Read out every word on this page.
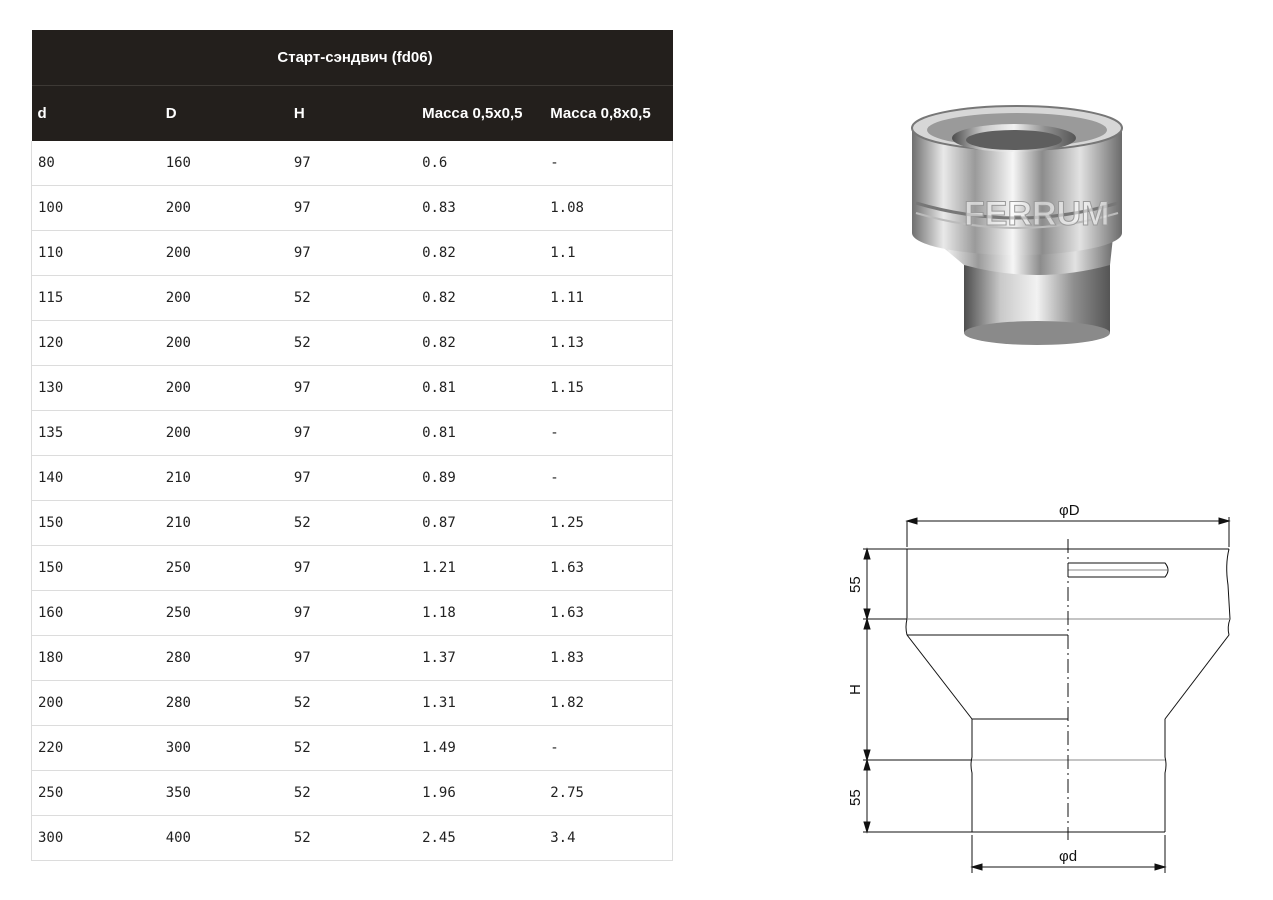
Старт-сэндвич (fd06)				
d	D	H	Масса 0,5x0,5	Масса 0,8x0,5
80	160	97	0.6	-
100	200	97	0.83	1.08
110	200	97	0.82	1.1
115	200	52	0.82	1.11
120	200	52	0.82	1.13
130	200	97	0.81	1.15
135	200	97	0.81	-
140	210	97	0.89	-
150	210	52	0.87	1.25
150	250	97	1.21	1.63
160	250	97	1.18	1.63
180	280	97	1.37	1.83
200	280	52	1.31	1.82
220	300	52	1.49	-
250	350	52	1.96	2.75
300	400	52	2.45	3.4
FERRUM
φD
φd
55
H
55
